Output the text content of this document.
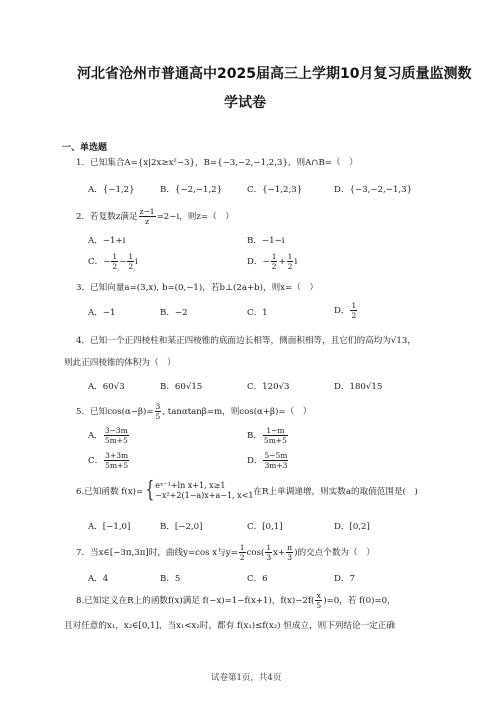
河北省沧州市普通高中2025届高三上学期10月复习质量监测数
学试卷
一、单选题
1．已知集合A={x|2x≥x²−3}，B={−3,−2,−1,2,3}，则A∩B=（　）
A．{−1,2}	B．{−2,−1,2}	C．{−1,2,3}	D．{−3,−2,−1,3}
2．若复数z满足 $\frac{z-1}{z} =2-i$，则z=（　）
A．−1+i	B．−1−i
C．− $\frac{1}{2} - \frac{1}{2}$ i	D．− $\frac{1}{2} + \frac{1}{2}$ i
3．已知向量a=(3,x), b=(0,−1)，若b⊥(2a+b)，则x=（　）
A．−1	B．−2	C．1	D． $\frac{1}{2}$
4．已知一个正四棱柱和某正四棱锥的底面边长相等，侧面积相等，且它们的高均为√13，
则此正四棱锥的体积为（　）
A．60√3	B．60√15	C．120√3	D．180√15
5．已知$\cos(\alpha-\beta)= \frac{3}{5}$ , tanαtanβ=m，则cos(α+β)=（　）
A． $\frac{3-3m}{5m+5}$	B． $\frac{1-m}{5m+5}$
C． $\frac{3+3m}{5m+5}$	D． $\frac{5-5m}{3m+3}$
6.已知函数 f(x)= { eˣ⁻¹+ln x+1, x≥1
−x²+2(1−a)x+a−1, x<1 在R上单调递增，则实数a的取值范围是(　)
A．[−1,0]	B．[−2,0]	C．[0,1]	D．[0,2]
7．当x∈[−3π,3π]时，曲线y=cos x与$y= \frac{1}{2} \cos( \frac{1}{3} x+ \frac{\pi}{3}$ )的交点个数为（　）
A．4	B．5	C．6	D．7
8.已知定义在R上的函数f(x)满足 f(−x)=1−f(x+1)，$f(x)-2f( \frac{x}{5} )=0$，若 f(0)=0，
且对任意的x₁，x₂∈[0,1]，当x₁<x₂时，都有 f(x₁)≤f(x₂) 恒成立，则下列结论一定正确
试卷第1页，共4页
